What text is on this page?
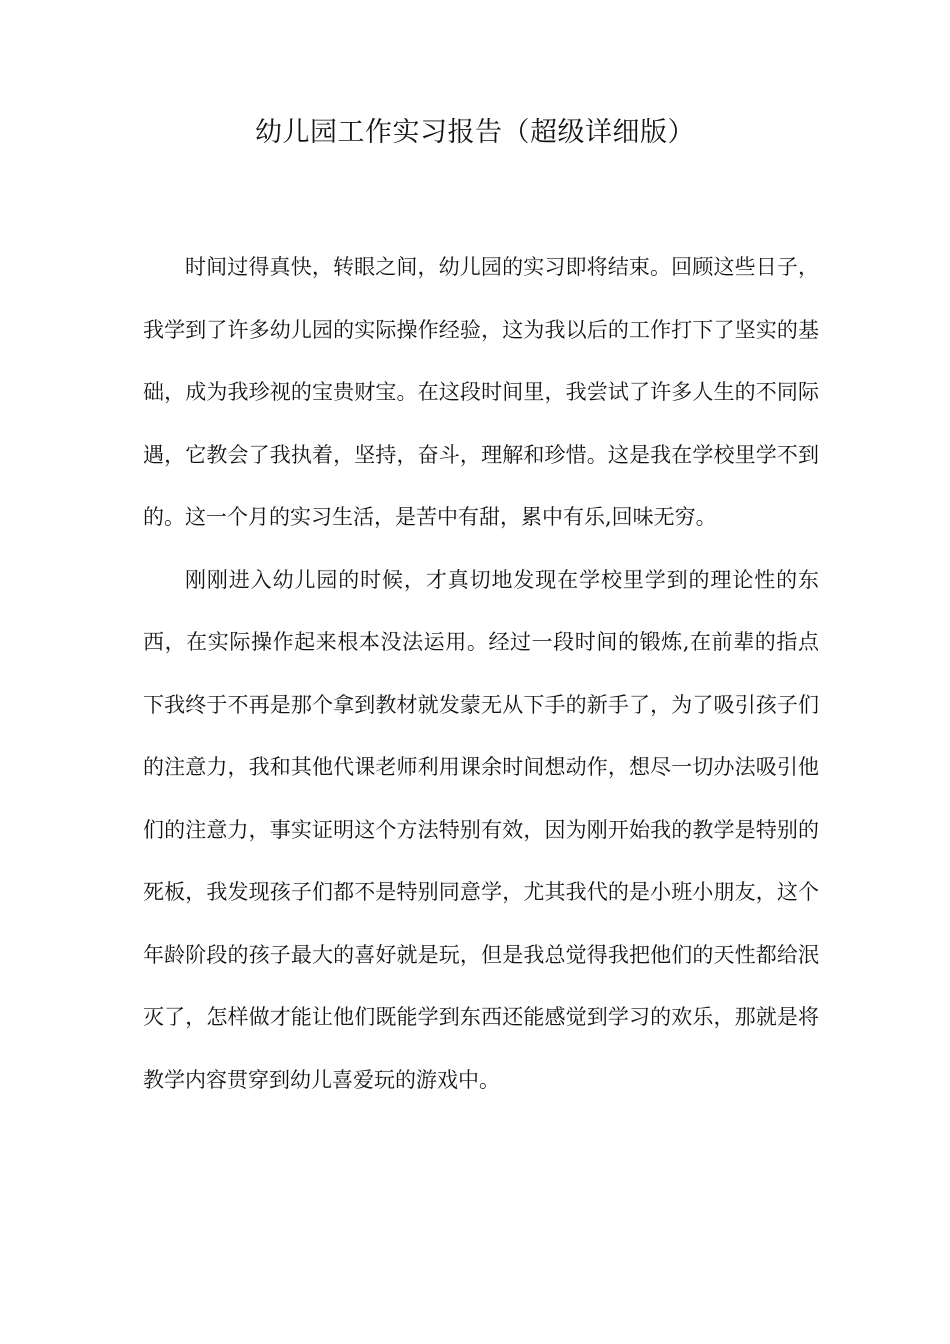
幼儿园工作实习报告（超级详细版）

时间过得真快，转眼之间，幼儿园的实习即将结束。回顾这些日子，我学到了许多幼儿园的实际操作经验，这为我以后的工作打下了坚实的基础，成为我珍视的宝贵财宝。在这段时间里，我尝试了许多人生的不同际遇，它教会了我执着，坚持，奋斗，理解和珍惜。这是我在学校里学不到的。这一个月的实习生活，是苦中有甜，累中有乐,回味无穷。

刚刚进入幼儿园的时候，才真切地发现在学校里学到的理论性的东西，在实际操作起来根本没法运用。经过一段时间的锻炼,在前辈的指点下我终于不再是那个拿到教材就发蒙无从下手的新手了，为了吸引孩子们的注意力，我和其他代课老师利用课余时间想动作，想尽一切办法吸引他们的注意力，事实证明这个方法特别有效，因为刚开始我的教学是特别的死板，我发现孩子们都不是特别同意学，尤其我代的是小班小朋友，这个年龄阶段的孩子最大的喜好就是玩，但是我总觉得我把他们的天性都给泯灭了，怎样做才能让他们既能学到东西还能感觉到学习的欢乐，那就是将教学内容贯穿到幼儿喜爱玩的游戏中。
